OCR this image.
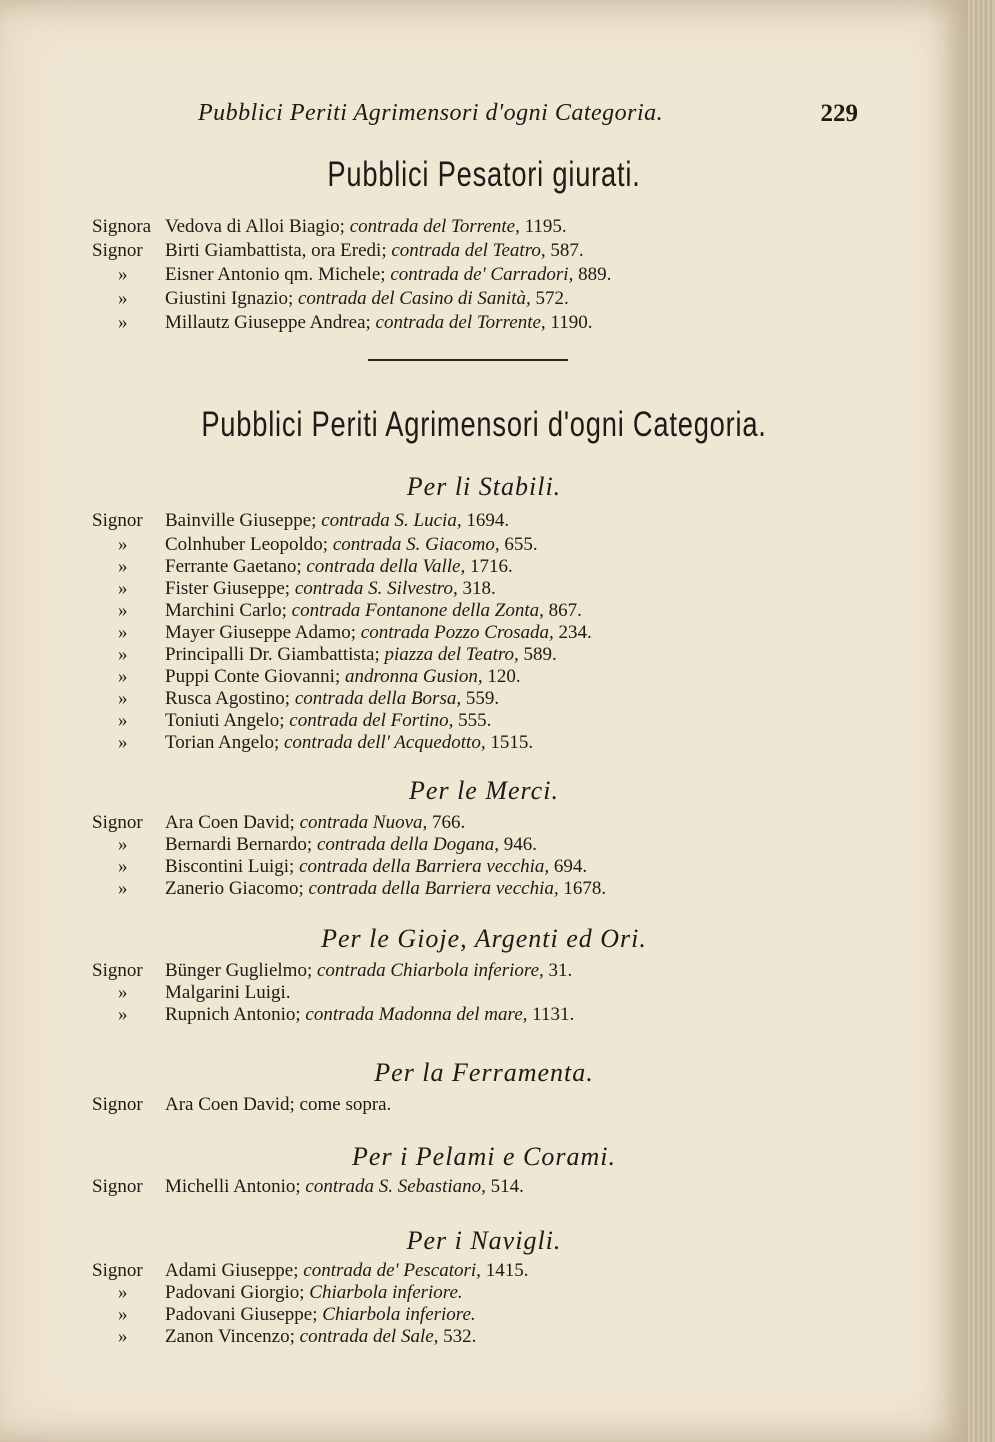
Pubblici Periti Agrimensori d'ogni Categoria.	229
Pubblici Pesatori giurati.
Signora Vedova di Alloi Biagio; contrada del Torrente, 1195.
Signor	Birti Giambattista, ora Eredi; contrada del Teatro, 587.
»	Eisner Antonio qm. Michele; contrada de' Carradori, 889.
»	Giustini Ignazio; contrada del Casino di Sanità, 572.
»	Millautz Giuseppe Andrea; contrada del Torrente, 1190.
Pubblici Periti Agrimensori d'ogni Categoria.
Per li Stabili.
Signor	Bainville Giuseppe; contrada S. Lucia, 1694.
»	Colnhuber Leopoldo; contrada S. Giacomo, 655.
»	Ferrante Gaetano; contrada della Valle, 1716.
»	Fister Giuseppe; contrada S. Silvestro, 318.
»	Marchini Carlo; contrada Fontanone della Zonta, 867.
»	Mayer Giuseppe Adamo; contrada Pozzo Crosada, 234.
»	Principalli Dr. Giambattista; piazza del Teatro, 589.
»	Puppi Conte Giovanni; andronna Gusion, 120.
»	Rusca Agostino; contrada della Borsa, 559.
»	Toniuti Angelo; contrada del Fortino, 555.
»	Torian Angelo; contrada dell' Acquedotto, 1515.
Per le Merci.
Signor	Ara Coen David; contrada Nuova, 766.
»	Bernardi Bernardo; contrada della Dogana, 946.
»	Biscontini Luigi; contrada della Barriera vecchia, 694.
»	Zanerio Giacomo; contrada della Barriera vecchia, 1678.
Per le Gioje, Argenti ed Ori.
Signor	Bünger Guglielmo; contrada Chiarbola inferiore, 31.
»	Malgarini Luigi.
»	Rupnich Antonio; contrada Madonna del mare, 1131.
Per la Ferramenta.
Signor	Ara Coen David; come sopra.
Per i Pelami e Corami.
Signor	Michelli Antonio; contrada S. Sebastiano, 514.
Per i Navigli.
Signor	Adami Giuseppe; contrada de' Pescatori, 1415.
»	Padovani Giorgio; Chiarbola inferiore.
»	Padovani Giuseppe; Chiarbola inferiore.
»	Zanon Vincenzo; contrada del Sale, 532.
